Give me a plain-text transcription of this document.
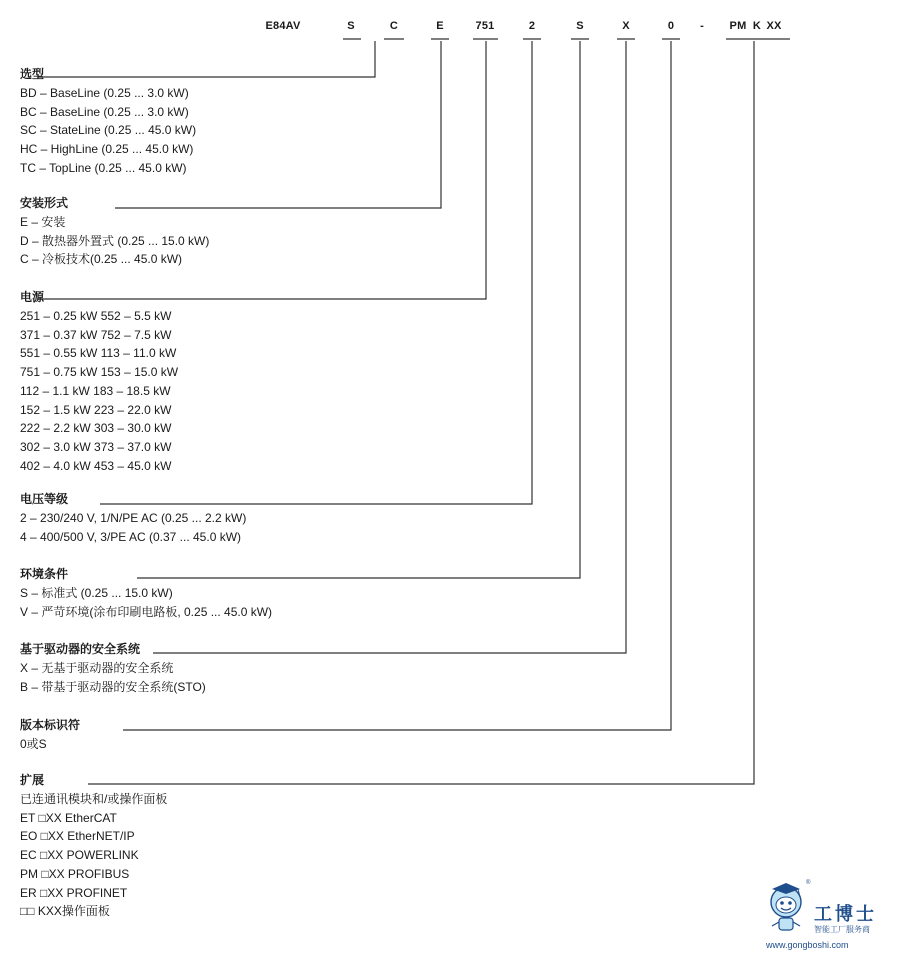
E84AV	S	C	E	751	2	S	X	0 - PM K XX
选型
BD – BaseLine (0.25 ... 3.0 kW)
BC – BaseLine (0.25 ... 3.0 kW)
SC – StateLine (0.25 ... 45.0 kW)
HC – HighLine (0.25 ... 45.0 kW)
TC – TopLine (0.25 ... 45.0 kW)
安装形式
E – 安装
D – 散热器外置式 (0.25 ... 15.0 kW)
C – 冷板技术(0.25 ... 45.0 kW)
电源
251 – 0.25 kW 552 – 5.5 kW
371 – 0.37 kW 752 – 7.5 kW
551 – 0.55 kW 113 – 11.0 kW
751 – 0.75 kW 153 – 15.0 kW
112 – 1.1 kW 183 – 18.5 kW
152 – 1.5 kW 223 – 22.0 kW
222 – 2.2 kW 303 – 30.0 kW
302 – 3.0 kW 373 – 37.0 kW
402 – 4.0 kW 453 – 45.0 kW
电压等级
2 – 230/240 V, 1/N/PE AC (0.25 ... 2.2 kW)
4 – 400/500 V, 3/PE AC (0.37 ... 45.0 kW)
环境条件
S – 标准式 (0.25 ... 15.0 kW)
V – 严苛环境(涂布印刷电路板, 0.25 ... 45.0 kW)
基于驱动器的安全系统
X – 无基于驱动器的安全系统
B – 带基于驱动器的安全系统(STO)
版本标识符
0或S
扩展
已连通讯模块和/或操作面板
ET □XX EtherCAT
EO □XX EtherNET/IP
EC □XX POWERLINK
PM □XX PROFIBUS
ER □XX PROFINET
□□ KXX操作面板
®
工博士
智能工厂服务商
www.gongboshi.com
